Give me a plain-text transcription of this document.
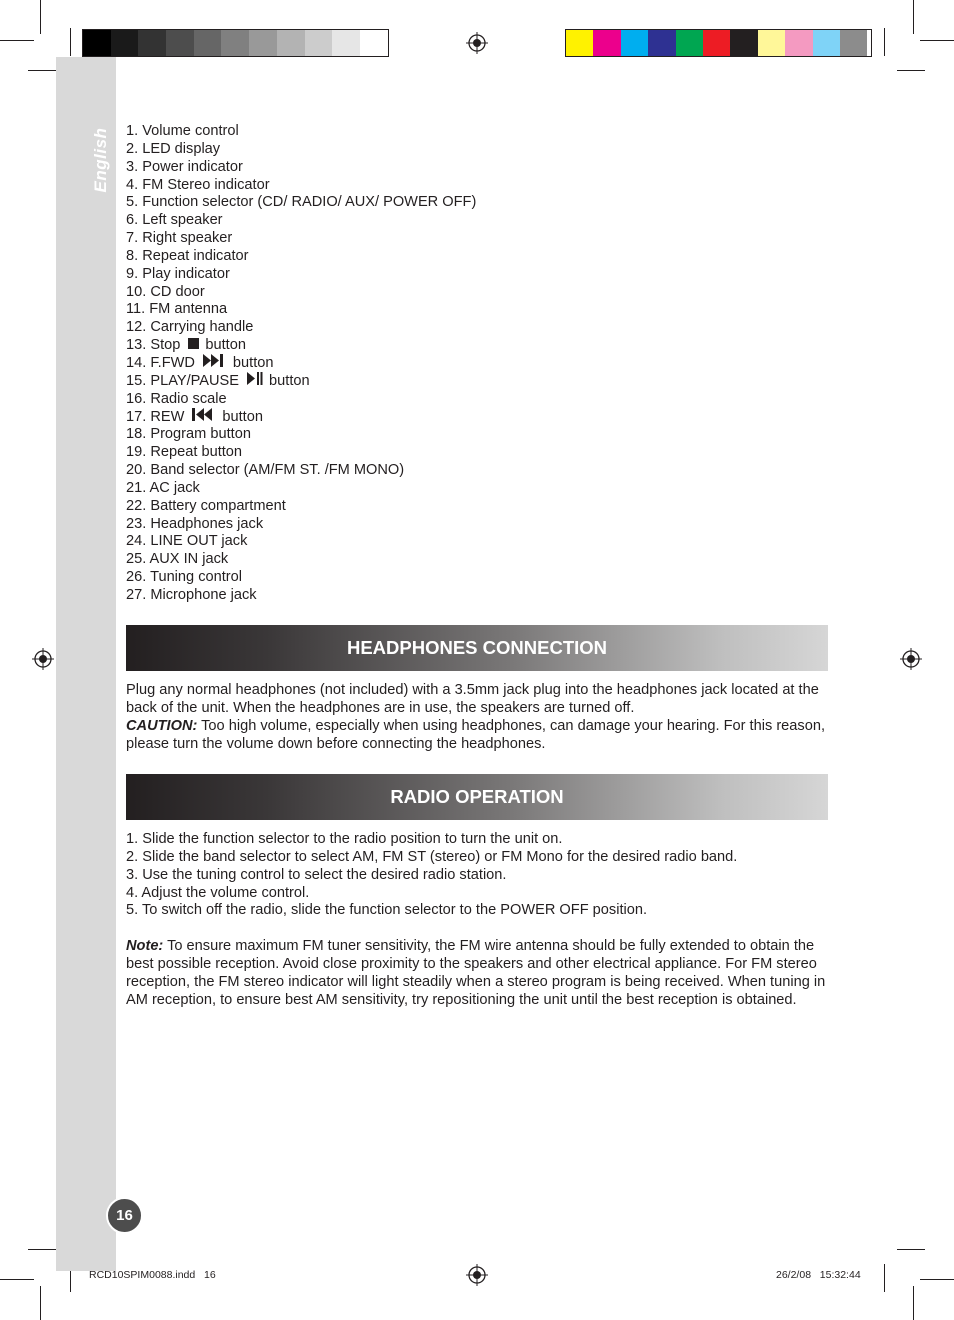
English
16
1. Volume control
2. LED display
3. Power indicator
4. FM Stereo indicator
5. Function selector (CD/ RADIO/ AUX/ POWER OFF)
6. Left speaker
7. Right speaker
8. Repeat indicator
9. Play indicator
10. CD door
11. FM antenna
12. Carrying handle
13. Stop button
14. F.FWD	button
15. PLAY/PAUSE button
16. Radio scale
17. REW	button
18. Program button
19. Repeat button
20. Band selector (AM/FM ST. /FM MONO)
21. AC jack
22. Battery compartment
23. Headphones jack
24. LINE OUT jack
25. AUX IN jack
26. Tuning control
27. Microphone jack
HEADPHONES CONNECTION

Plug any normal headphones (not included) with a 3.5mm jack plug into the headphones jack located at the back of the unit. When the headphones are in use, the speakers are turned off.
CAUTION: Too high volume, especially when using headphones, can damage your hearing. For this reason, please turn the volume down before connecting the headphones.

RADIO OPERATION
1. Slide the function selector to the radio position to turn the unit on.
2. Slide the band selector to select AM, FM ST (stereo) or FM Mono for the desired radio band.
3. Use the tuning control to select the desired radio station.
4. Adjust the volume control.
5. To switch off the radio, slide the function selector to the POWER OFF position.

Note: To ensure maximum FM tuner sensitivity, the FM wire antenna should be fully extended to obtain the best possible reception. Avoid close proximity to the speakers and other electrical appliance. For FM stereo reception, the FM stereo indicator will light steadily when a stereo program is being received. When tuning in AM reception, to ensure best AM sensitivity, try repositioning the unit until the best reception is obtained.

RCD10SPIM0088.indd   16	26/2/08   15:32:44
